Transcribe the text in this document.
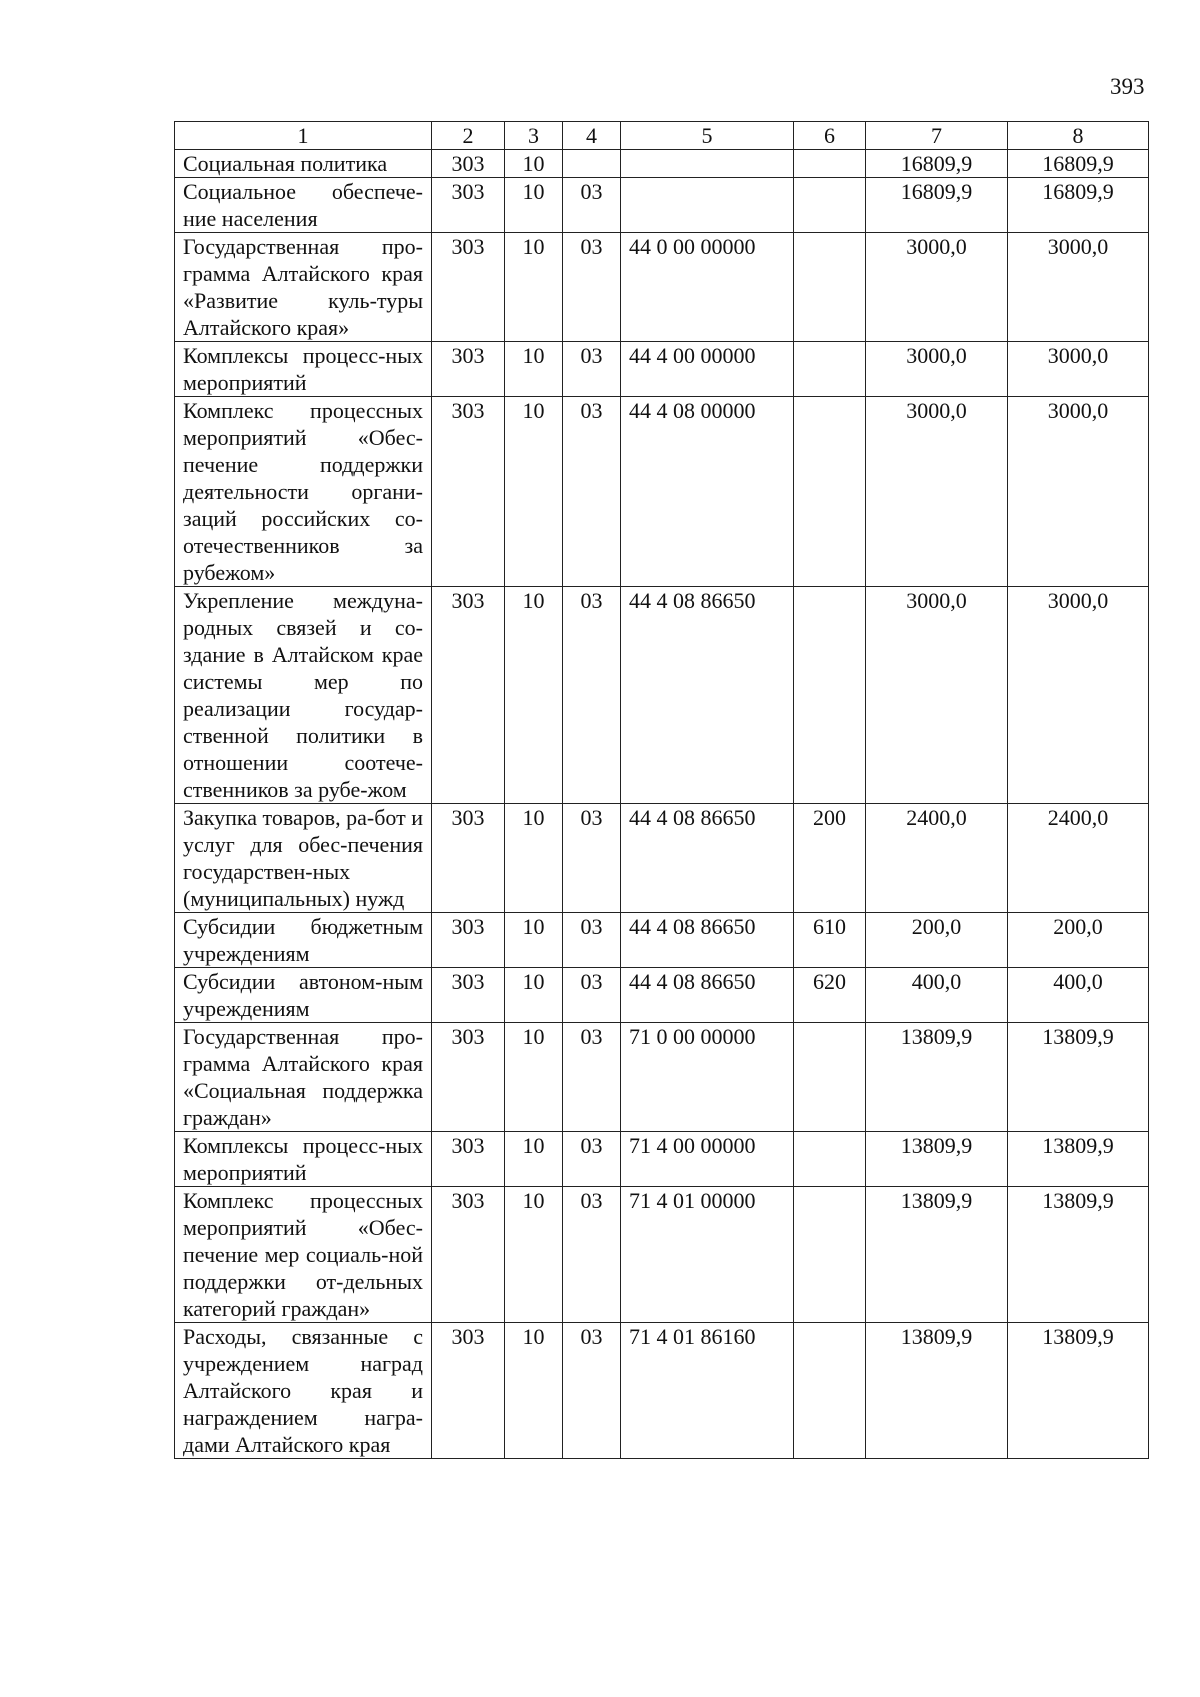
393
1	2	3	4	5	6	7	8
Социальная политика	303	10				16809,9	16809,9
Социальное обеспече-ние населения	303	10	03			16809,9	16809,9
Государственная про-грамма Алтайского края «Развитие куль-туры Алтайского края»	303	10	03	44 0 00 00000		3000,0	3000,0
Комплексы процесс-ных мероприятий	303	10	03	44 4 00 00000		3000,0	3000,0
Комплекс процессных мероприятий «Обес-печение поддержки деятельности органи-заций российских со-отечественников за рубежом»	303	10	03	44 4 08 00000		3000,0	3000,0
Укрепление междуна-родных связей и со-здание в Алтайском крае системы мер по реализации государ-ственной политики в отношении соотече-ственников за рубе-жом	303	10	03	44 4 08 86650		3000,0	3000,0
Закупка товаров, ра-бот и услуг для обес-печения государствен-ных (муниципальных) нужд	303	10	03	44 4 08 86650	200	2400,0	2400,0
Субсидии бюджетным учреждениям	303	10	03	44 4 08 86650	610	200,0	200,0
Субсидии автоном-ным учреждениям	303	10	03	44 4 08 86650	620	400,0	400,0
Государственная про-грамма Алтайского края «Социальная поддержка граждан»	303	10	03	71 0 00 00000		13809,9	13809,9
Комплексы процесс-ных мероприятий	303	10	03	71 4 00 00000		13809,9	13809,9
Комплекс процессных мероприятий «Обес-печение мер социаль-ной поддержки от-дельных категорий граждан»	303	10	03	71 4 01 00000		13809,9	13809,9
Расходы, связанные с учреждением наград Алтайского края и награждением награ-дами Алтайского края	303	10	03	71 4 01 86160		13809,9	13809,9
